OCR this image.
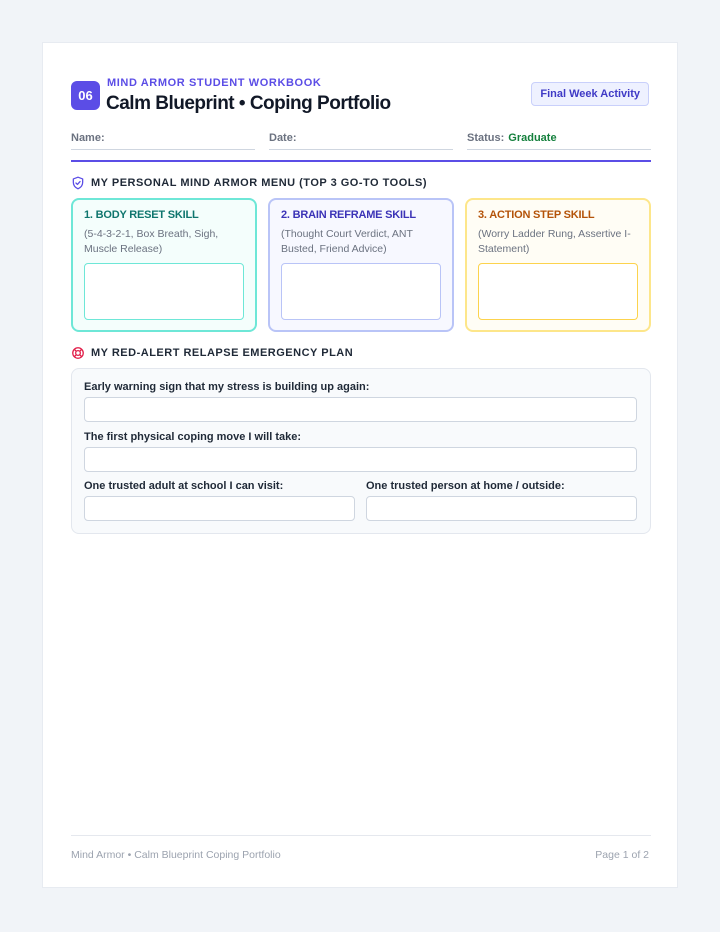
06
MIND ARMOR STUDENT WORKBOOK
Calm Blueprint • Coping Portfolio	Final Week Activity
Name:	Date:	Status: Graduate
MY PERSONAL MIND ARMOR MENU (TOP 3 GO-TO TOOLS)
1. BODY RESET SKILL
(5-4-3-2-1, Box Breath, Sigh, Muscle Release)
2. BRAIN REFRAME SKILL
(Thought Court Verdict, ANT Busted, Friend Advice)
3. ACTION STEP SKILL
(Worry Ladder Rung, Assertive I-Statement)
MY RED-ALERT RELAPSE EMERGENCY PLAN
Early warning sign that my stress is building up again:
The first physical coping move I will take:
One trusted adult at school I can visit:	One trusted person at home / outside:
Mind Armor • Calm Blueprint Coping Portfolio	Page 1 of 2
